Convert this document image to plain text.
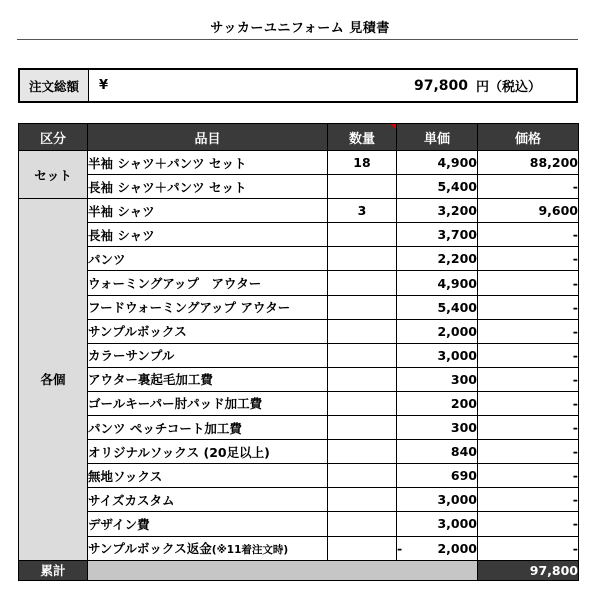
サッカーユニフォーム 見積書
注文総額	¥	97,800 円（税込）
区分	品目	数量	単価	価格
セット	半袖 シャツ＋パンツ セット	18	4,900	88,200
	長袖 シャツ＋パンツ セット		5,400	-
各個	半袖 シャツ	3	3,200	9,600
	長袖 シャツ		3,700	-
	パンツ		2,200	-
	ウォーミングアップ　アウター		4,900	-
	フードウォーミングアップ アウター		5,400	-
	サンプルボックス		2,000	-
	カラーサンプル		3,000	-
	アウター裏起毛加工費		300	-
	ゴールキーパー肘パッド加工費		200	-
	パンツ ぺッチコート加工費		300	-
	オリジナルソックス (20足以上)		840	-
	無地ソックス		690	-
	サイズカスタム		3,000	-
	デザイン費		3,000	-
	サンプルボックス返金(※11着注文時)		- 2,000	-
累計				97,800
